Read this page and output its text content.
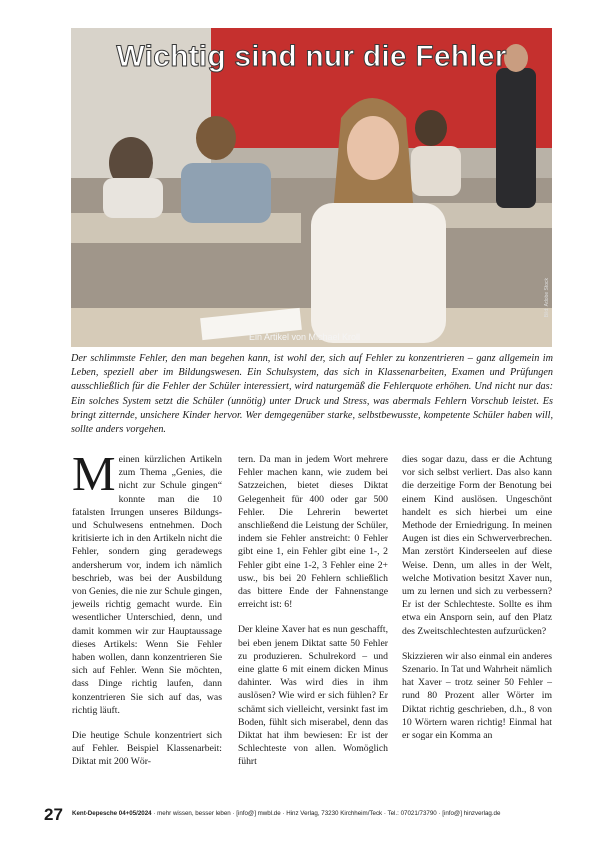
Wichtig sind nur die Fehler
Ein Artikel von Michael Kroll
Bild: Adobe Stock
Der schlimmste Fehler, den man begehen kann, ist wohl der, sich auf Fehler zu konzentrieren – ganz allgemein im Leben, speziell aber im Bildungswesen. Ein Schulsystem, das sich in Klassenarbeiten, Examen und Prüfungen ausschließlich für die Fehler der Schüler interessiert, wird naturgemäß die Fehlerquote erhöhen. Und nicht nur das: Ein solches System setzt die Schüler (unnötig) unter Druck und Stress, was abermals Fehlern Vorschub leistet. Es bringt zitternde, unsichere Kinder hervor. Wer demgegenüber starke, selbstbewusste, kompetente Schüler haben will, sollte anders vorgehen.

Meinen kürzlichen Artikeln zum Thema „Genies, die nicht zur Schule gingen“ konnte man die 10 fatalsten Irrungen unseres Bildungs- und Schulwesens entnehmen. Doch kritisierte ich in den Artikeln nicht die Fehler, sondern ging geradewegs andersherum vor, indem ich nämlich beschrieb, was bei der Ausbildung von Genies, die nie zur Schule gingen, jeweils richtig gemacht wurde. Ein wesentlicher Unterschied, denn, und damit kommen wir zur Hauptaussage dieses Artikels: Wenn Sie Fehler haben wollen, dann konzentrieren Sie sich auf Fehler. Wenn Sie möchten, dass Dinge richtig laufen, dann konzentrieren Sie sich auf das, was richtig läuft.

Die heutige Schule konzentriert sich auf Fehler. Beispiel Klassenarbeit: Diktat mit 200 Wör-

tern. Da man in jedem Wort mehrere Fehler machen kann, wie zudem bei Satzzeichen, bietet dieses Diktat Gelegenheit für 400 oder gar 500 Fehler. Die Lehrerin bewertet anschließend die Leistung der Schüler, indem sie Fehler anstreicht: 0 Fehler gibt eine 1, ein Fehler gibt eine 1-, 2 Fehler gibt eine 1-2, 3 Fehler eine 2+ usw., bis bei 20 Fehlern schließlich das bittere Ende der Fahnenstange erreicht ist: 6!

Der kleine Xaver hat es nun geschafft, bei eben jenem Diktat satte 50 Fehler zu produzieren. Schulrekord – und eine glatte 6 mit einem dicken Minus dahinter. Was wird dies in ihm auslösen? Wie wird er sich fühlen? Er schämt sich vielleicht, versinkt fast im Boden, fühlt sich miserabel, denn das Diktat hat ihm bewiesen: Er ist der Schlechteste von allen. Womöglich führt

dies sogar dazu, dass er die Achtung vor sich selbst verliert. Das also kann die derzeitige Form der Benotung bei einem Kind auslösen. Ungeschönt handelt es sich hierbei um eine Methode der Erniedrigung. In meinen Augen ist dies ein Schwerverbrechen. Man zerstört Kinderseelen auf diese Weise. Denn, um alles in der Welt, welche Motivation besitzt Xaver nun, um zu lernen und sich zu verbessern? Er ist der Schlechteste. Sollte es ihm etwa ein Ansporn sein, auf den Platz des Zweitschlechtesten aufzurücken?

Skizzieren wir also einmal ein anderes Szenario. In Tat und Wahrheit nämlich hat Xaver – trotz seiner 50 Fehler – rund 80 Prozent aller Wörter im Diktat richtig geschrieben, d.h., 8 von 10 Wörtern waren richtig! Einmal hat er sogar ein Komma an

27 Kent-Depesche 04+05/2024 · mehr wissen, besser leben · [info@] mwbl.de · Hinz Verlag, 73230 Kirchheim/Teck · Tel.: 07021/73790 · [info@] hinzverlag.de
